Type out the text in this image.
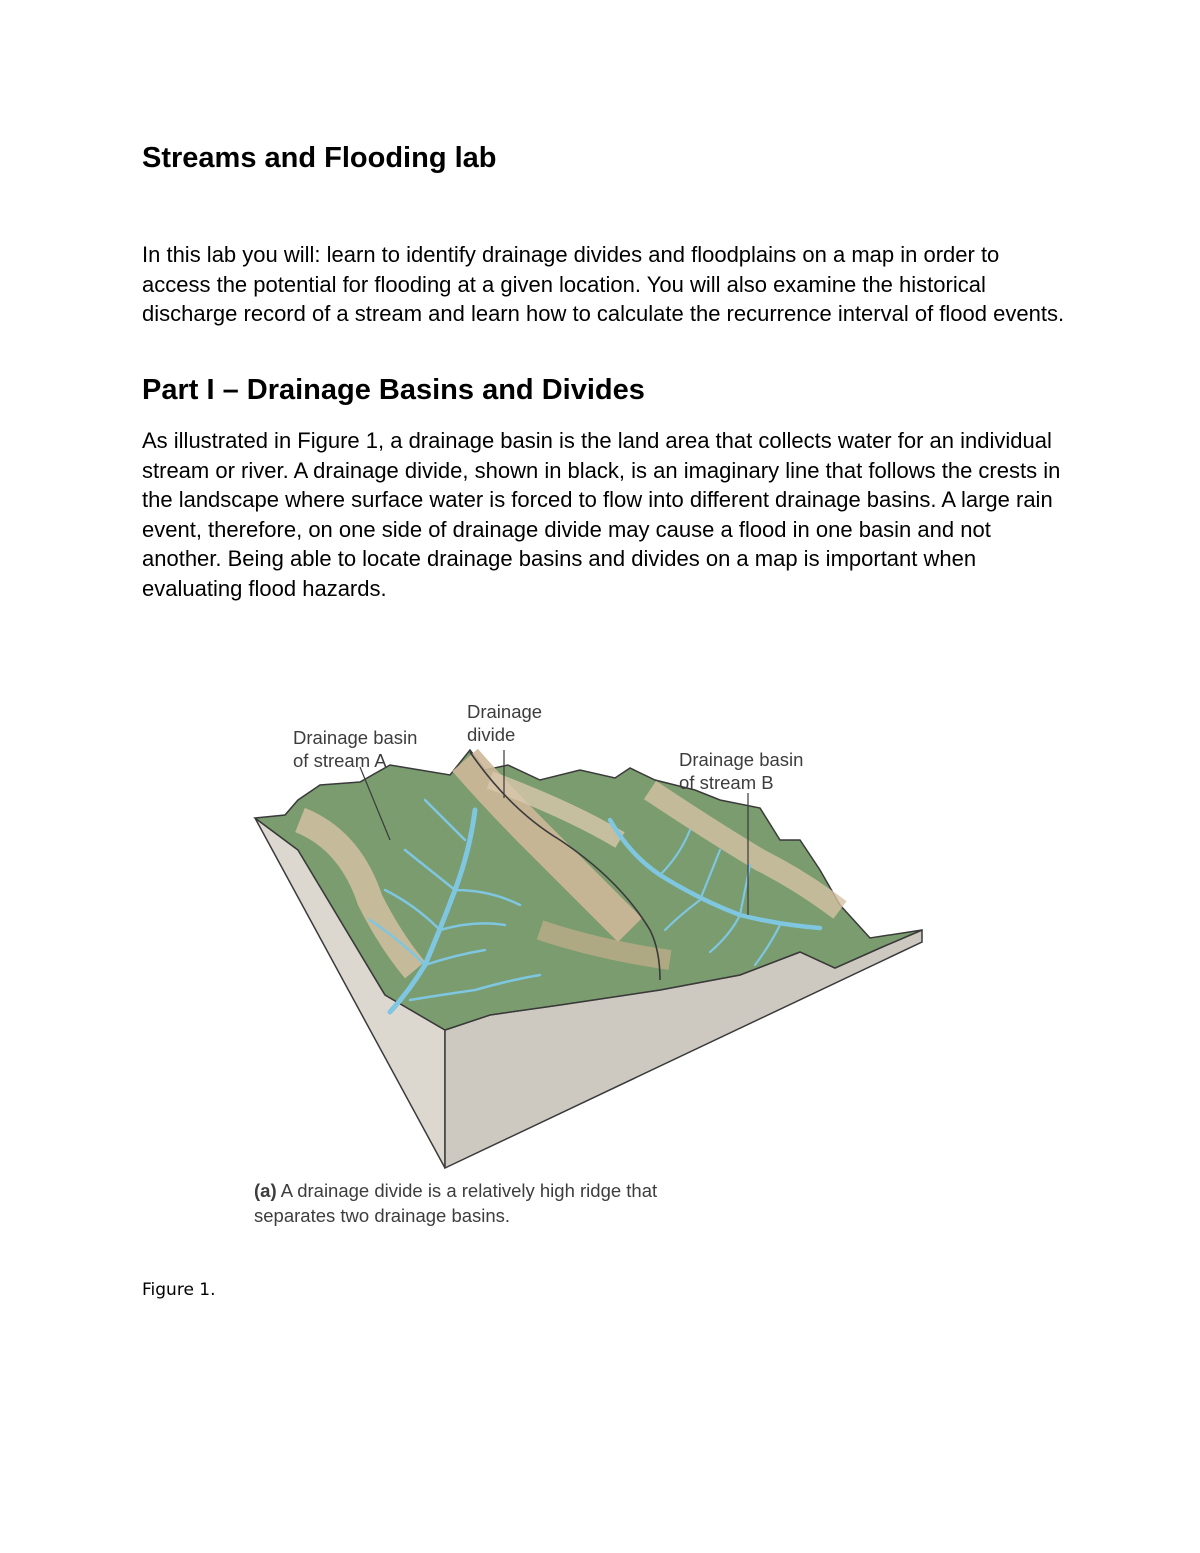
Streams and Flooding lab

In this lab you will: learn to identify drainage divides and floodplains on a map in order to access the potential for flooding at a given location. You will also examine the historical discharge record of a stream and learn how to calculate the recurrence interval of flood events.

Part I – Drainage Basins and Divides

As illustrated in Figure 1, a drainage basin is the land area that collects water for an individual stream or river. A drainage divide, shown in black, is an imaginary line that follows the crests in the landscape where surface water is forced to flow into different drainage basins. A large rain event, therefore, on one side of drainage divide may cause a flood in one basin and not another. Being able to locate drainage basins and divides on a map is important when evaluating flood hazards.

Drainage basin
of stream A
Drainage
divide
Drainage basin
of stream B
(a) A drainage divide is a relatively high ridge that separates two drainage basins.
Figure 1.
